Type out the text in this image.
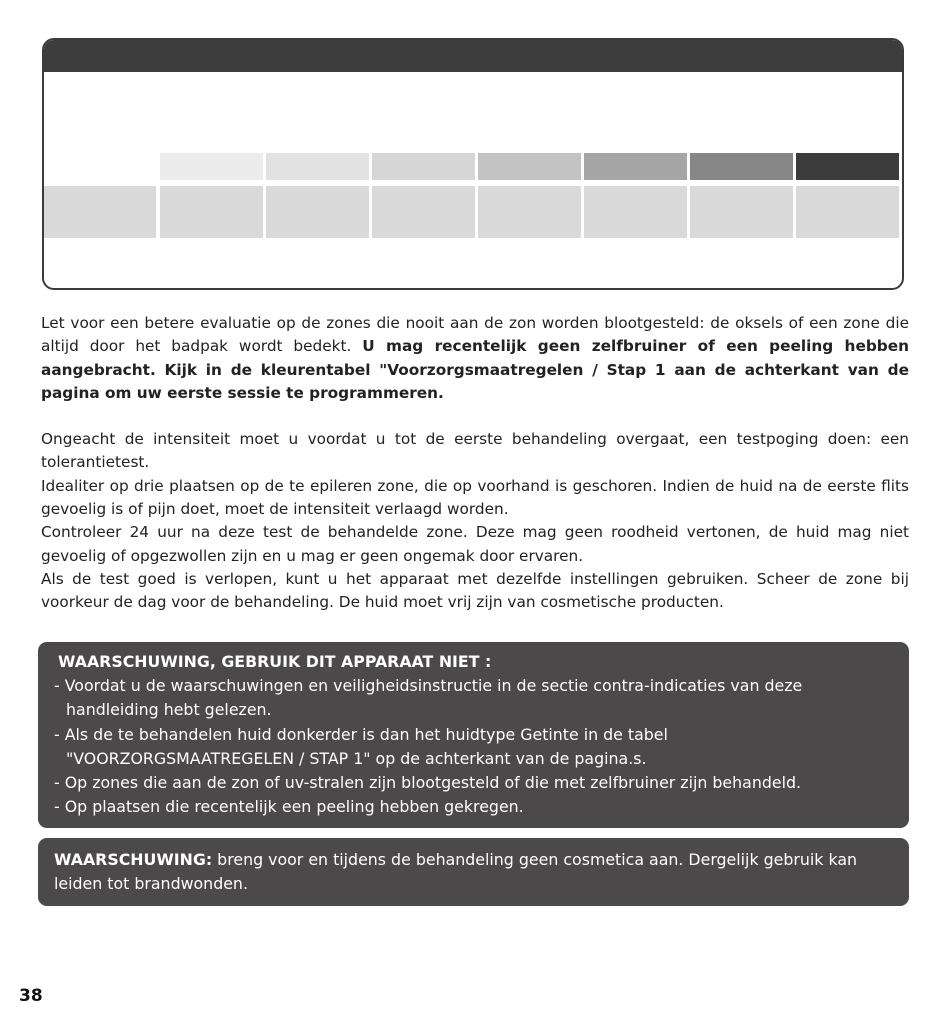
Let voor een betere evaluatie op de zones die nooit aan de zon worden blootgesteld: de oksels of een zone die altijd door het badpak wordt bedekt. U mag recentelijk geen zelfbruiner of een peeling hebben aangebracht. Kijk in de kleurentabel "Voorzorgsmaatregelen / Stap 1 aan de achterkant van de pagina om uw eerste sessie te programmeren.

Ongeacht de intensiteit moet u voordat u tot de eerste behandeling overgaat, een testpoging doen: een tolerantietest.

Idealiter op drie plaatsen op de te epileren zone, die op voorhand is geschoren. Indien de huid na de eerste flits gevoelig is of pijn doet, moet de intensiteit verlaagd worden.

Controleer 24 uur na deze test de behandelde zone. Deze mag geen roodheid vertonen, de huid mag niet gevoelig of opgezwollen zijn en u mag er geen ongemak door ervaren.

Als de test goed is verlopen, kunt u het apparaat met dezelfde instellingen gebruiken. Scheer de zone bij voorkeur de dag voor de behandeling. De huid moet vrij zijn van cosmetische producten.

WAARSCHUWING, GEBRUIK DIT APPARAAT NIET :
- Voordat u de waarschuwingen en veiligheidsinstructie in de sectie contra-indicaties van deze handleiding hebt gelezen.
- Als de te behandelen huid donkerder is dan het huidtype Getinte in de tabel "VOORZORGSMAATREGELEN / STAP 1" op de achterkant van de pagina.s.
- Op zones die aan de zon of uv-stralen zijn blootgesteld of die met zelfbruiner zijn behandeld.
- Op plaatsen die recentelijk een peeling hebben gekregen.
WAARSCHUWING: breng voor en tijdens de behandeling geen cosmetica aan. Dergelijk gebruik kan leiden tot brandwonden.
38
